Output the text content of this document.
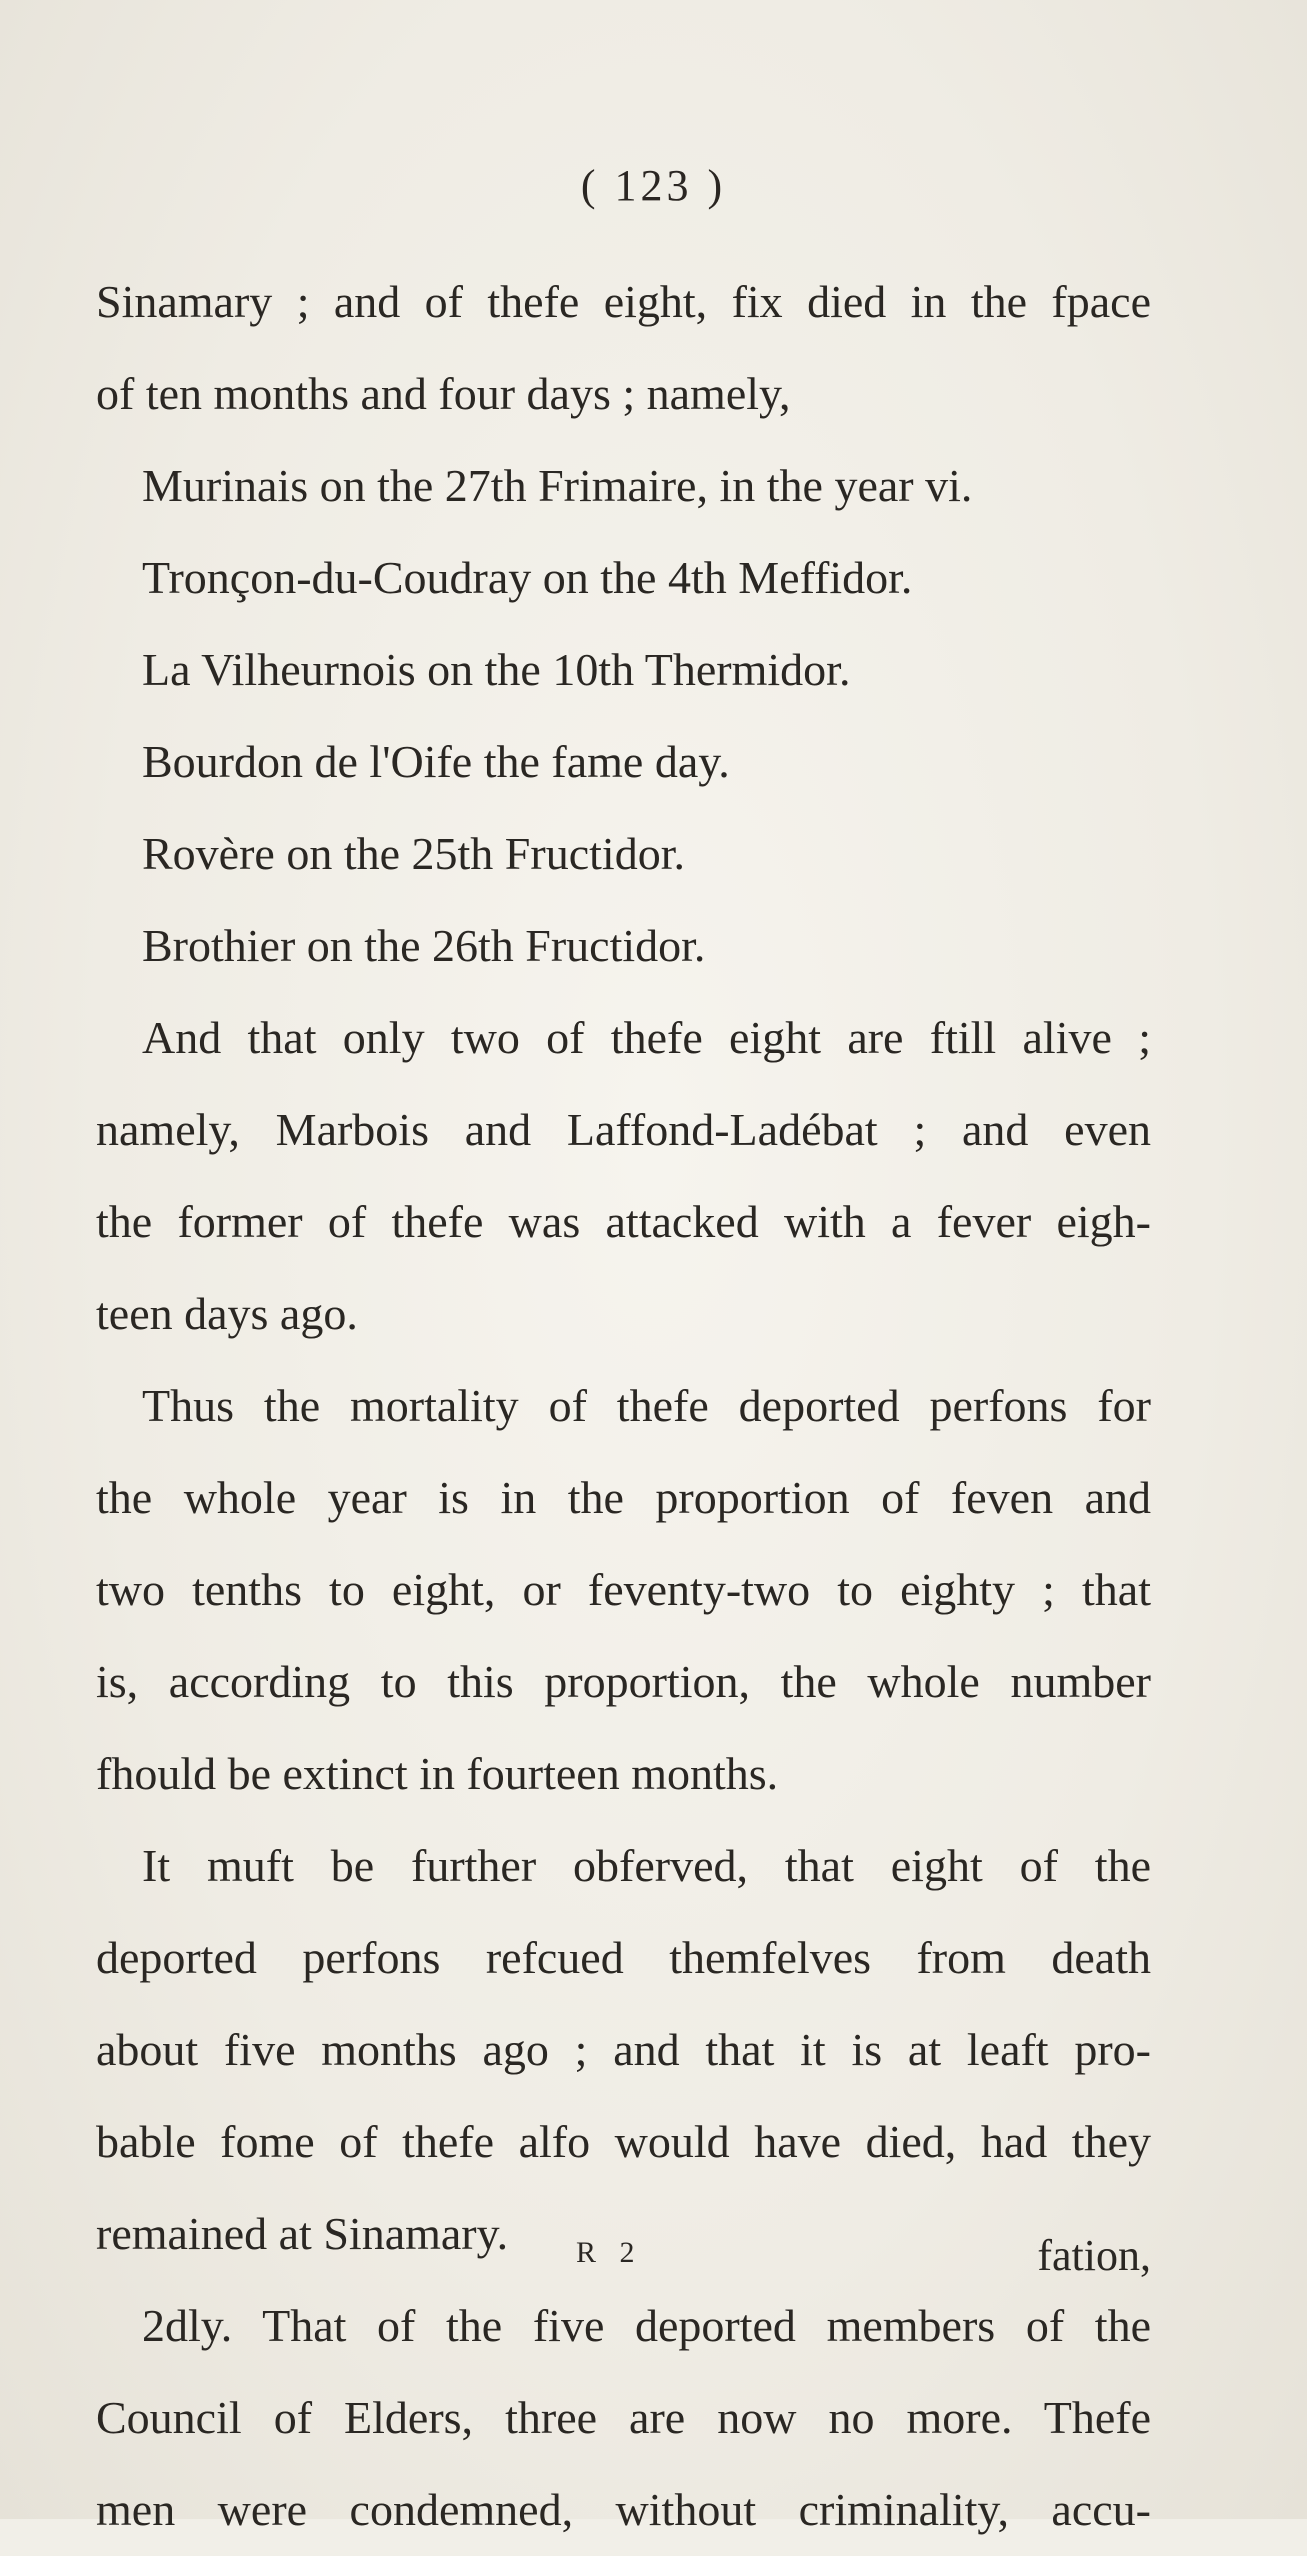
( 123 )
Sinamary ; and of thefe eight, fix died in the fpace
of ten months and four days ; namely,
Murinais on the 27th Frimaire, in the year vi.
Tronçon-du-Coudray on the 4th Meffidor.
La Vilheurnois on the 10th Thermidor.
Bourdon de l'Oife the fame day.
Rovère on the 25th Fructidor.
Brothier on the 26th Fructidor.
And that only two of thefe eight are ftill alive ;
namely, Marbois and Laffond-Ladébat ; and even
the former of thefe was attacked with a fever eigh-
teen days ago.
Thus the mortality of thefe deported perfons for
the whole year is in the proportion of feven and
two tenths to eight, or feventy-two to eighty ; that
is, according to this proportion, the whole number
fhould be extinct in fourteen months.
It muft be further obferved, that eight of the
deported perfons refcued themfelves from death
about five months ago ; and that it is at leaft pro-
bable fome of thefe alfo would have died, had they
remained at Sinamary.
2dly. That of the five deported members of the
Council of Elders, three are now no more. Thefe
men were condemned, without criminality, accu-
R 2	fation,
